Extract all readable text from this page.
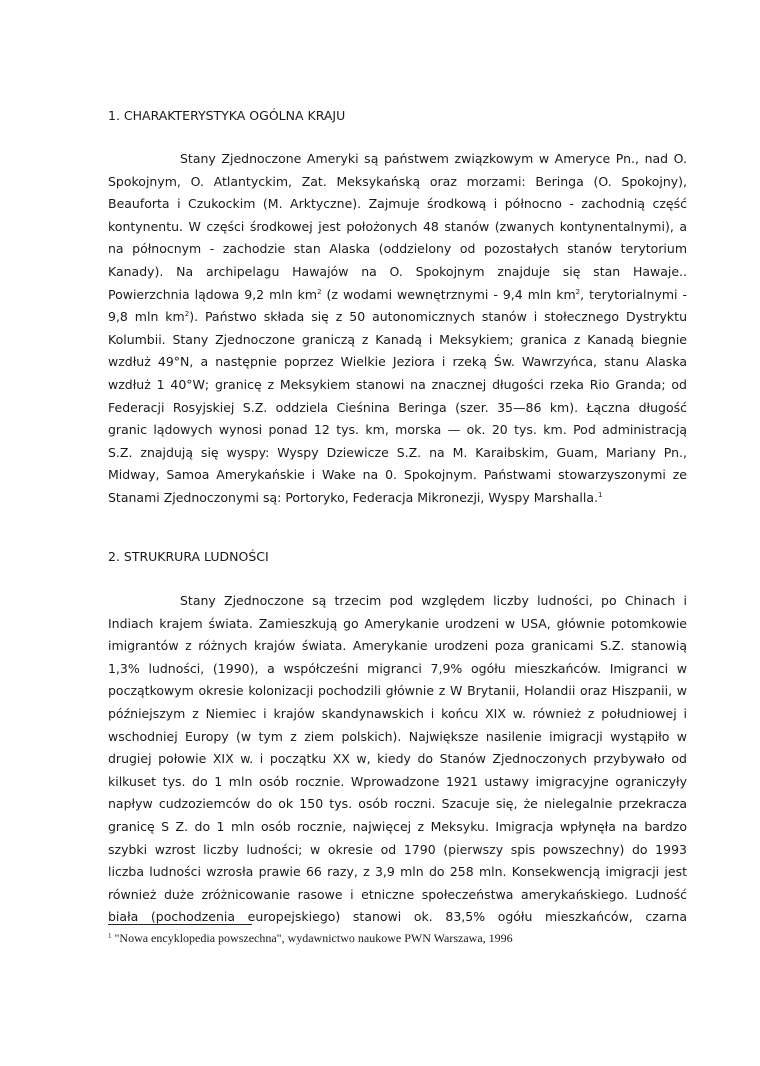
1. CHARAKTERYSTYKA OGÓLNA KRAJU
Stany Zjednoczone Ameryki są państwem związkowym w Ameryce Pn., nad O.
Spokojnym, O. Atlantyckim, Zat. Meksykańską oraz morzami: Beringa (O. Spokojny),
Beauforta i Czukockim (M. Arktyczne). Zajmuje środkową i północno - zachodnią część
kontynentu. W części środkowej jest położonych 48 stanów (zwanych kontynentalnymi), a
na północnym - zachodzie stan Alaska (oddzielony od pozostałych stanów terytorium
Kanady). Na archipelagu Hawajów na O. Spokojnym znajduje się stan Hawaje..
Powierzchnia lądowa 9,2 mln $km^2$ (z wodami wewnętrznymi - 9,4 mln $km^2$, terytorialnymi -
9,8 mln $km^2$). Państwo składa się z 50 autonomicznych stanów i stołecznego Dystryktu
Kolumbii. Stany Zjednoczone graniczą z Kanadą i Meksykiem; granica z Kanadą biegnie
wzdłuż 49°N, a następnie poprzez Wielkie Jeziora i rzeką Św. Wawrzyńca, stanu Alaska
wzdłuż 1 40°W; granicę z Meksykiem stanowi na znacznej długości rzeka Rio Granda; od
Federacji Rosyjskiej S.Z. oddziela Cieśnina Beringa (szer. 35—86 km). Łączna długość
granic lądowych wynosi ponad 12 tys. km, morska — ok. 20 tys. km. Pod administracją
S.Z. znajdują się wyspy: Wyspy Dziewicze S.Z. na M. Karaibskim, Guam, Mariany Pn.,
Midway, Samoa Amerykańskie i Wake na 0. Spokojnym. Państwami stowarzyszonymi ze
Stanami Zjednoczonymi są: Portoryko, Federacja Mikronezji, Wyspy Marshalla.$^1$
2. STRUKRURA LUDNOŚCI
Stany Zjednoczone są trzecim pod względem liczby ludności, po Chinach i
Indiach krajem świata. Zamieszkują go Amerykanie urodzeni w USA, głównie potomkowie
imigrantów z różnych krajów świata. Amerykanie urodzeni poza granicami S.Z. stanowią
1,3% ludności, (1990), a współcześni migranci 7,9% ogółu mieszkańców. Imigranci w
początkowym okresie kolonizacji pochodzili głównie z W Brytanii, Holandii oraz Hiszpanii, w
późniejszym z Niemiec i krajów skandynawskich i końcu XIX w. również z południowej i
wschodniej Europy (w tym z ziem polskich). Największe nasilenie imigracji wystąpiło w
drugiej połowie XIX w. i początku XX w, kiedy do Stanów Zjednoczonych przybywało od
kilkuset tys. do 1 mln osób rocznie. Wprowadzone 1921 ustawy imigracyjne ograniczyły
napływ cudzoziemców do ok 150 tys. osób roczni. Szacuje się, że nielegalnie przekracza
granicę S Z. do 1 mln osób rocznie, najwięcej z Meksyku. Imigracja wpłynęła na bardzo
szybki wzrost liczby ludności; w okresie od 1790 (pierwszy spis powszechny) do 1993
liczba ludności wzrosła prawie 66 razy, z 3,9 mln do 258 mln. Konsekwencją imigracji jest
również duże zróżnicowanie rasowe i etniczne społeczeństwa amerykańskiego. Ludność
biała (pochodzenia europejskiego) stanowi ok. 83,5% ogółu mieszkańców, czarna

$^1$ "Nowa encyklopedia powszechna", wydawnictwo naukowe PWN Warszawa, 1996
